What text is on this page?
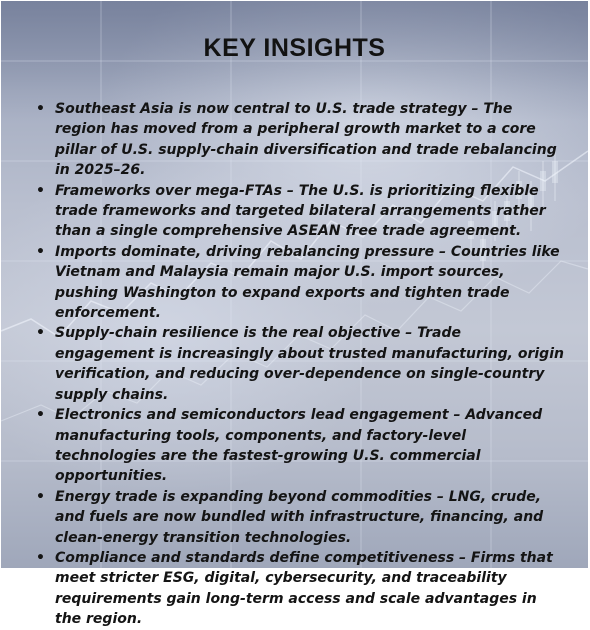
KEY INSIGHTS
• Southeast Asia is now central to U.S. trade strategy – The region has moved from a peripheral growth market to a core pillar of U.S. supply-chain diversification and trade rebalancing in 2025–26.
• Frameworks over mega-FTAs – The U.S. is prioritizing flexible trade frameworks and targeted bilateral arrangements rather than a single comprehensive ASEAN free trade agreement.
• Imports dominate, driving rebalancing pressure – Countries like Vietnam and Malaysia remain major U.S. import sources, pushing Washington to expand exports and tighten trade enforcement.
• Supply-chain resilience is the real objective – Trade engagement is increasingly about trusted manufacturing, origin verification, and reducing over-dependence on single-country supply chains.
• Electronics and semiconductors lead engagement – Advanced manufacturing tools, components, and factory-level technologies are the fastest-growing U.S. commercial opportunities.
• Energy trade is expanding beyond commodities – LNG, crude, and fuels are now bundled with infrastructure, financing, and clean-energy transition technologies.
• Compliance and standards define competitiveness – Firms that meet stricter ESG, digital, cybersecurity, and traceability requirements gain long-term access and scale advantages in the region.
